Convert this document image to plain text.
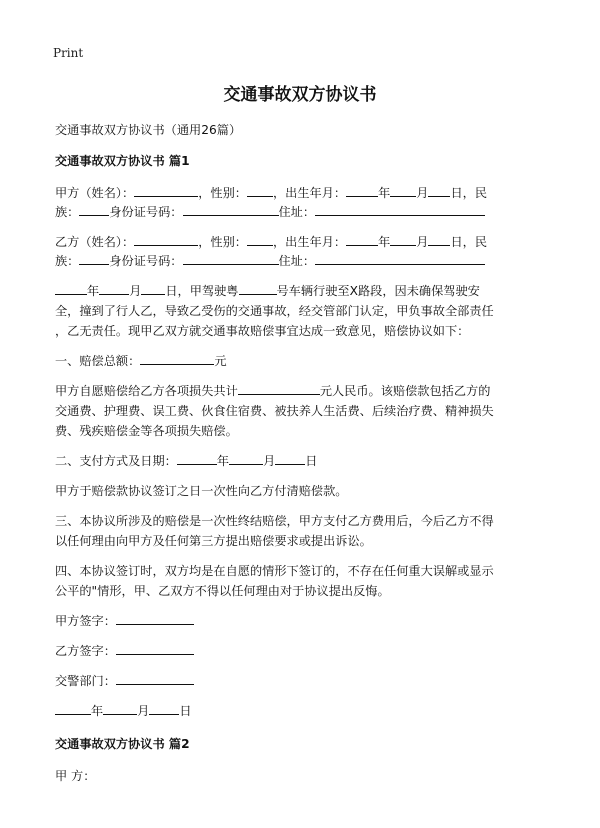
Print
交通事故双方协议书
交通事故双方协议书（通用26篇）
交通事故双方协议书 篇1
甲方（姓名）：	，性别： ，出生年月：	年 月 日，民
族： 身份证号码：	住址：
乙方（姓名）：	，性别： ，出生年月：	年 月 日，民
族： 身份证号码：	住址：
年 月 日，甲驾驶粤	号车辆行驶至X路段，因未确保驾驶安
全，撞到了行人乙，导致乙受伤的交通事故，经交管部门认定，甲负事故全部责任
，乙无责任。现甲乙双方就交通事故赔偿事宜达成一致意见，赔偿协议如下：
一、赔偿总额：	元
甲方自愿赔偿给乙方各项损失共计	元人民币。该赔偿款包括乙方的
交通费、护理费、误工费、伙食住宿费、被扶养人生活费、后续治疗费、精神损失
费、残疾赔偿金等各项损失赔偿。
二、支付方式及日期：	年	月 日
甲方于赔偿款协议签订之日一次性向乙方付清赔偿款。
三、本协议所涉及的赔偿是一次性终结赔偿，甲方支付乙方费用后，今后乙方不得
以任何理由向甲方及任何第三方提出赔偿要求或提出诉讼。
四、本协议签订时，双方均是在自愿的情形下签订的，不存在任何重大误解或显示
公平的"情形，甲、乙双方不得以任何理由对于协议提出反悔。
甲方签字：
乙方签字：
交警部门：
年	月 日
交通事故双方协议书 篇2
甲 方：
